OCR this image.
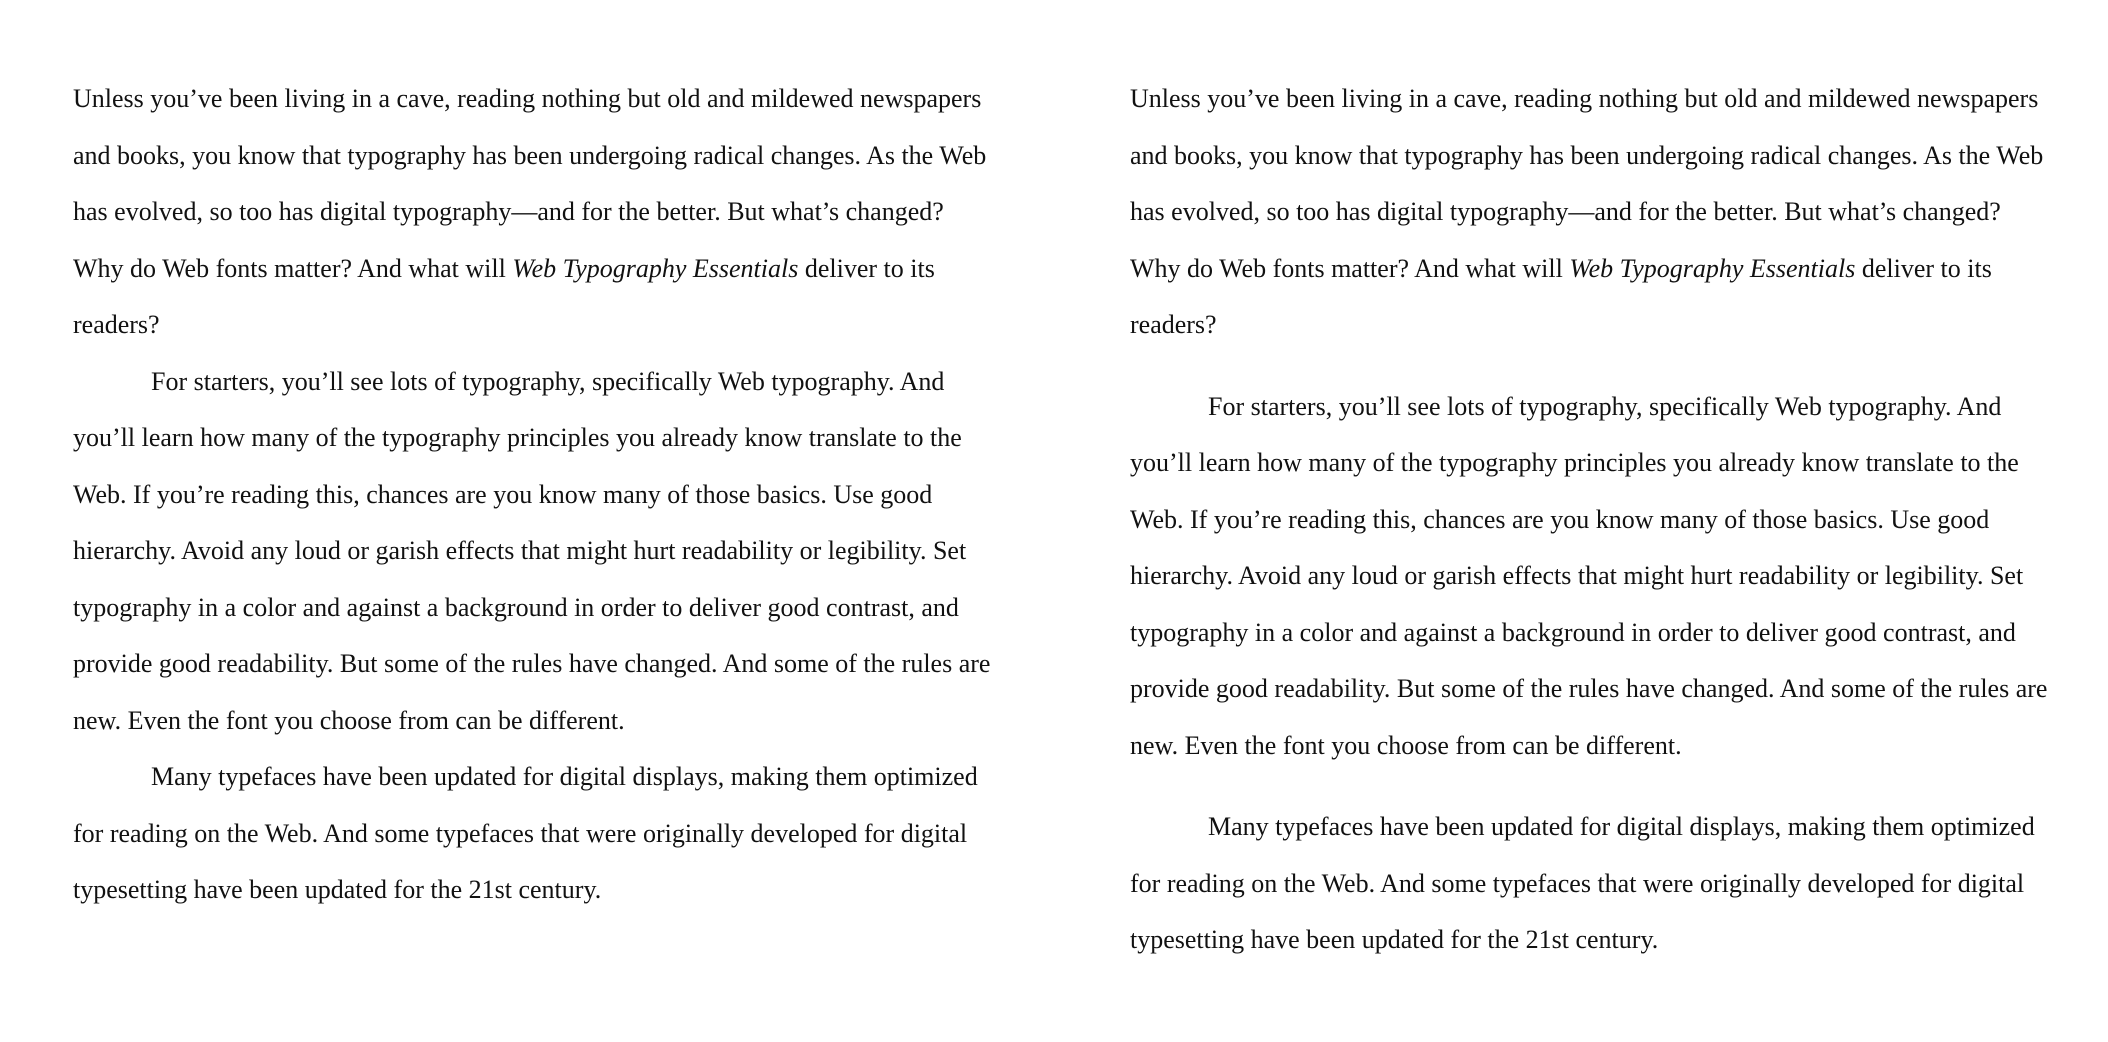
Unless you’ve been living in a cave, reading nothing but old and mildewed newspapers and books, you know that typography has been undergoing radical changes. As the Web has evolved, so too has digital typography—and for the better. But what’s changed? Why do Web fonts matter? And what will Web Typography Essentials deliver to its readers?

For starters, you’ll see lots of typography, specifically Web typography. And you’ll learn how many of the typography principles you already know translate to the Web. If you’re reading this, chances are you know many of those basics. Use good hierarchy. Avoid any loud or garish effects that might hurt readability or legibility. Set typography in a color and against a background in order to deliver good contrast, and provide good readability. But some of the rules have changed. And some of the rules are new. Even the font you choose from can be different.

Many typefaces have been updated for digital displays, making them optimized for reading on the Web. And some typefaces that were originally developed for digital typesetting have been updated for the 21st century.

Unless you’ve been living in a cave, reading nothing but old and mildewed newspapers and books, you know that typography has been undergoing radical changes. As the Web has evolved, so too has digital typography—and for the better. But what’s changed? Why do Web fonts matter? And what will Web Typography Essentials deliver to its readers?

For starters, you’ll see lots of typography, specifically Web typography. And you’ll learn how many of the typography principles you already know translate to the Web. If you’re reading this, chances are you know many of those basics. Use good hierarchy. Avoid any loud or garish effects that might hurt readability or legibility. Set typography in a color and against a background in order to deliver good contrast, and provide good readability. But some of the rules have changed. And some of the rules are new. Even the font you choose from can be different.

Many typefaces have been updated for digital displays, making them optimized for reading on the Web. And some typefaces that were originally developed for digital typesetting have been updated for the 21st century.
